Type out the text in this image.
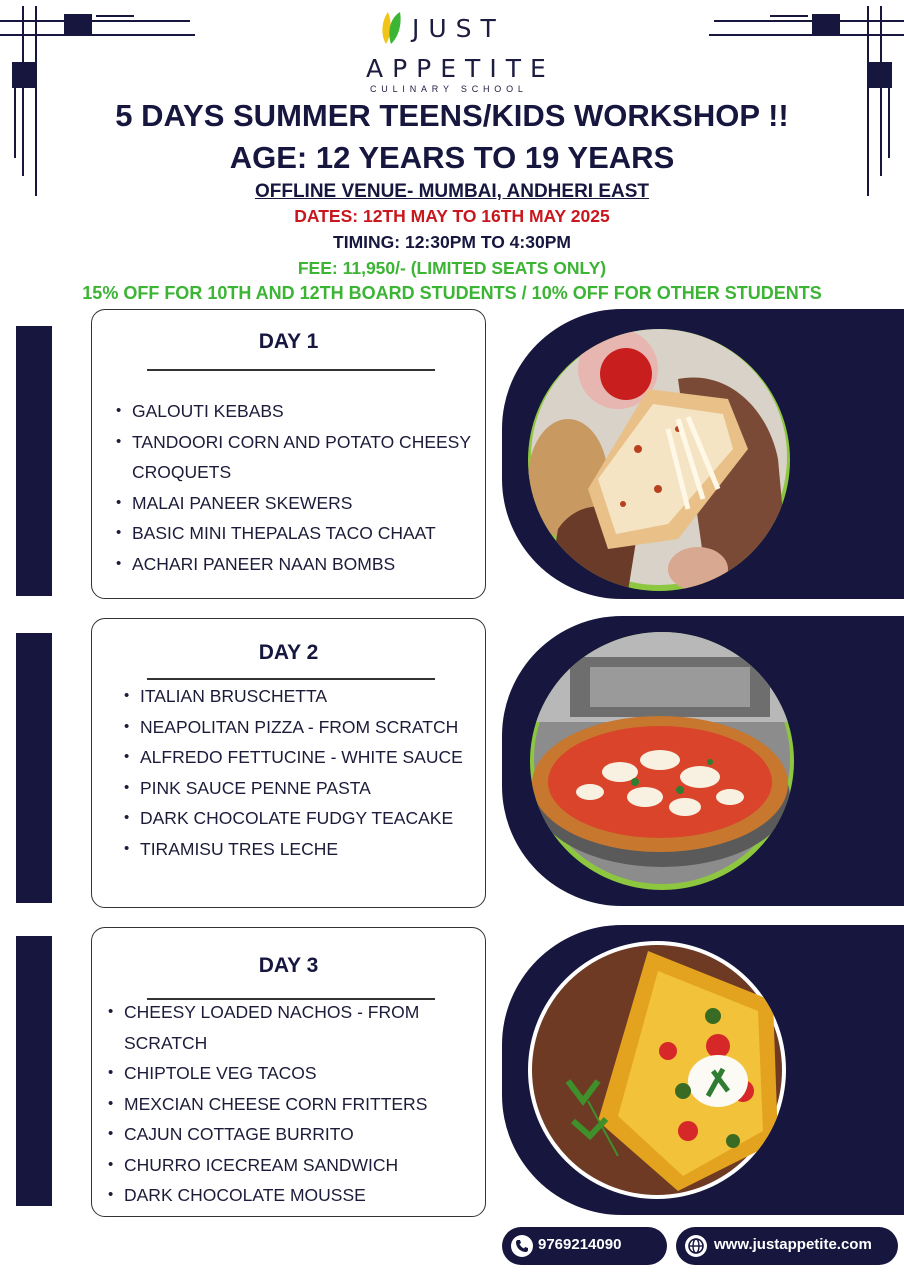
JUST
APPETITE
CULINARY SCHOOL
5 DAYS SUMMER TEENS/KIDS WORKSHOP !!
AGE: 12 YEARS TO 19 YEARS
OFFLINE VENUE- MUMBAI, ANDHERI EAST
DATES: 12TH MAY TO 16TH MAY 2025
TIMING: 12:30PM TO 4:30PM
FEE: 11,950/- (LIMITED SEATS ONLY)
15% OFF FOR 10TH AND 12TH BOARD STUDENTS / 10% OFF FOR OTHER STUDENTS
DAY 1
• GALOUTI KEBABS
• TANDOORI CORN AND POTATO CHEESY
CROQUETS
• MALAI PANEER SKEWERS
• BASIC MINI THEPALAS TACO CHAAT
• ACHARI PANEER NAAN BOMBS
DAY 2
• ITALIAN BRUSCHETTA
• NEAPOLITAN PIZZA - FROM SCRATCH
• ALFREDO FETTUCINE - WHITE SAUCE
• PINK SAUCE PENNE PASTA
• DARK CHOCOLATE FUDGY TEACAKE
• TIRAMISU TRES LECHE
DAY 3
• CHEESY LOADED NACHOS - FROM
SCRATCH
• CHIPTOLE VEG TACOS
• MEXCIAN CHEESE CORN FRITTERS
• CAJUN COTTAGE BURRITO
• CHURRO ICECREAM SANDWICH
• DARK CHOCOLATE MOUSSE
9769214090	www.justappetite.com
